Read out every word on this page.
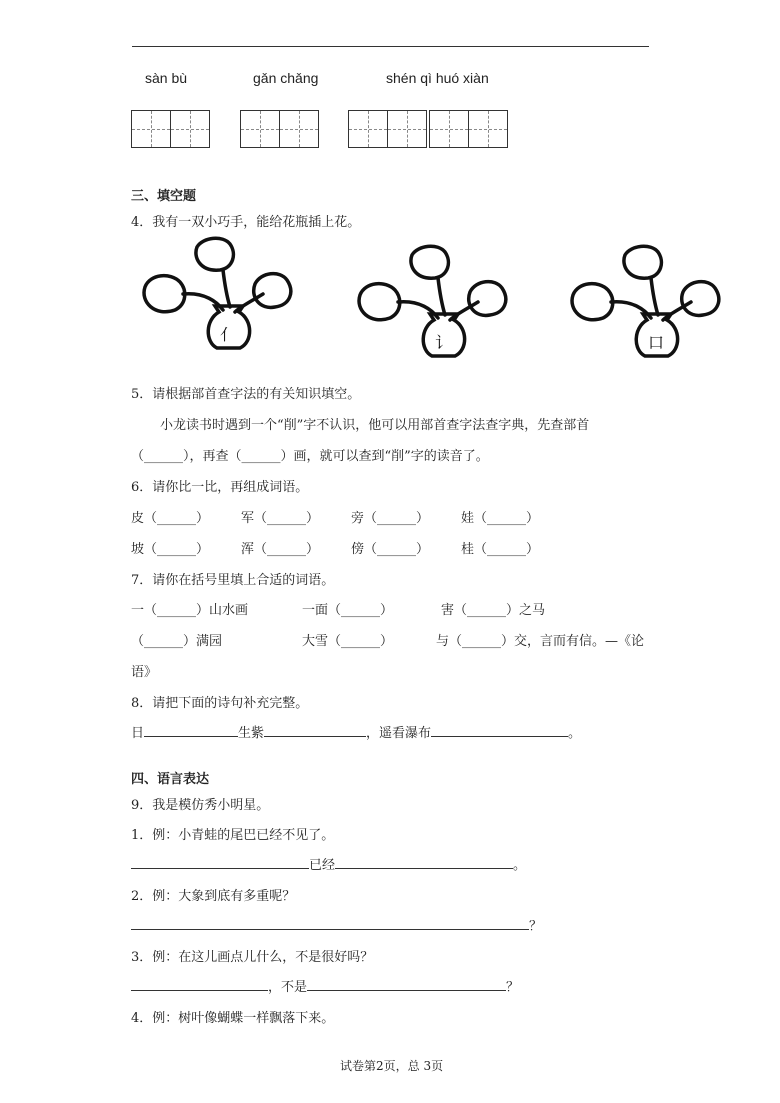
sàn bù	gǎn chǎng	shén qì huó xiàn
三、填空题
4．我有一双小巧手，能给花瓶插上花。
亻	讠	口
5．请根据部首查字法的有关知识填空。
小龙读书时遇到一个“削”字不认识，他可以用部首查字法查字典，先查部首
（______），再查（______）画，就可以查到“削”字的读音了。
6．请你比一比，再组成词语。
皮（______） 军（______） 旁（______） 娃（______）
坡（______） 浑（______） 傍（______） 桂（______）
7．请你在括号里填上合适的词语。
一（______）山水画	一面（______）	害（______）之马
（______）满园	大雪（______）	与（______）交，言而有信。—《论
语》
8．请把下面的诗句补充完整。
日	生紫	，遥看瀑布	。
四、语言表达
9．我是模仿秀小明星。
1．例：小青蛙的尾巴已经不见了。
已经	。
2．例：大象到底有多重呢？
？
3．例：在这儿画点儿什么，不是很好吗？
，不是	？
4．例：树叶像蝴蝶一样飘落下来。
试卷第2页，总 3页
